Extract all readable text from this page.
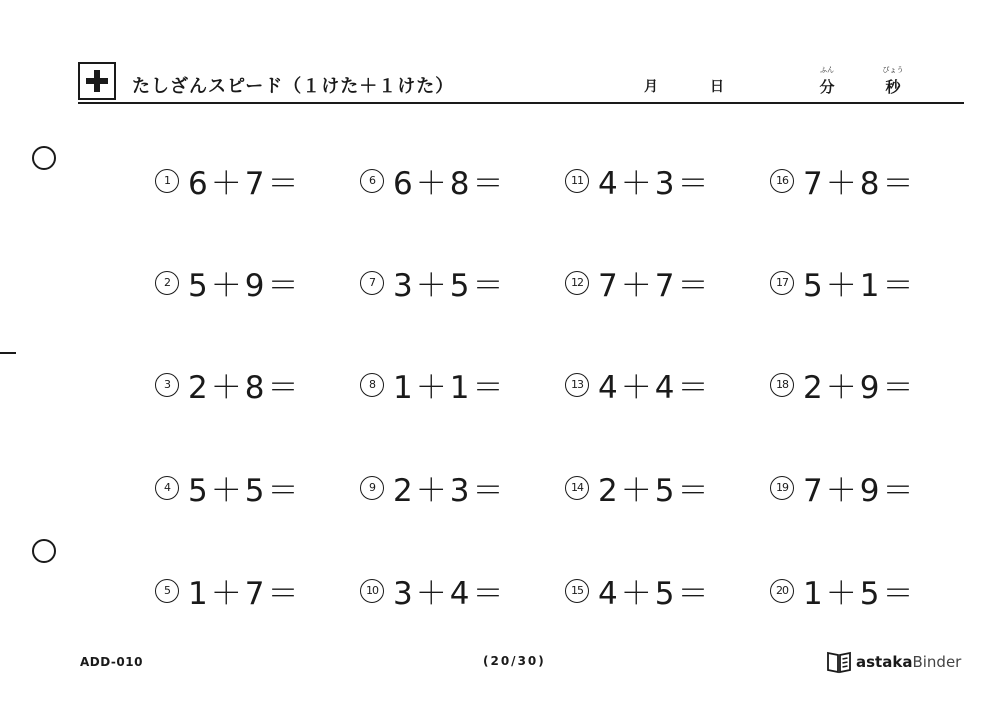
たしざんスピード（１けた＋１けた）	月	日
ふん
分
びょう
秒
1 6＋7＝
2 5＋9＝
3 2＋8＝
4 5＋5＝
5 1＋7＝
6 6＋8＝
7 3＋5＝
8 1＋1＝
9 2＋3＝
10 3＋4＝
11 4＋3＝
12 7＋7＝
13 4＋4＝
14 2＋5＝
15 4＋5＝
16 7＋8＝
17 5＋1＝
18 2＋9＝
19 7＋9＝
20 1＋5＝
ADD-010	(20/30)	astaka Binder
